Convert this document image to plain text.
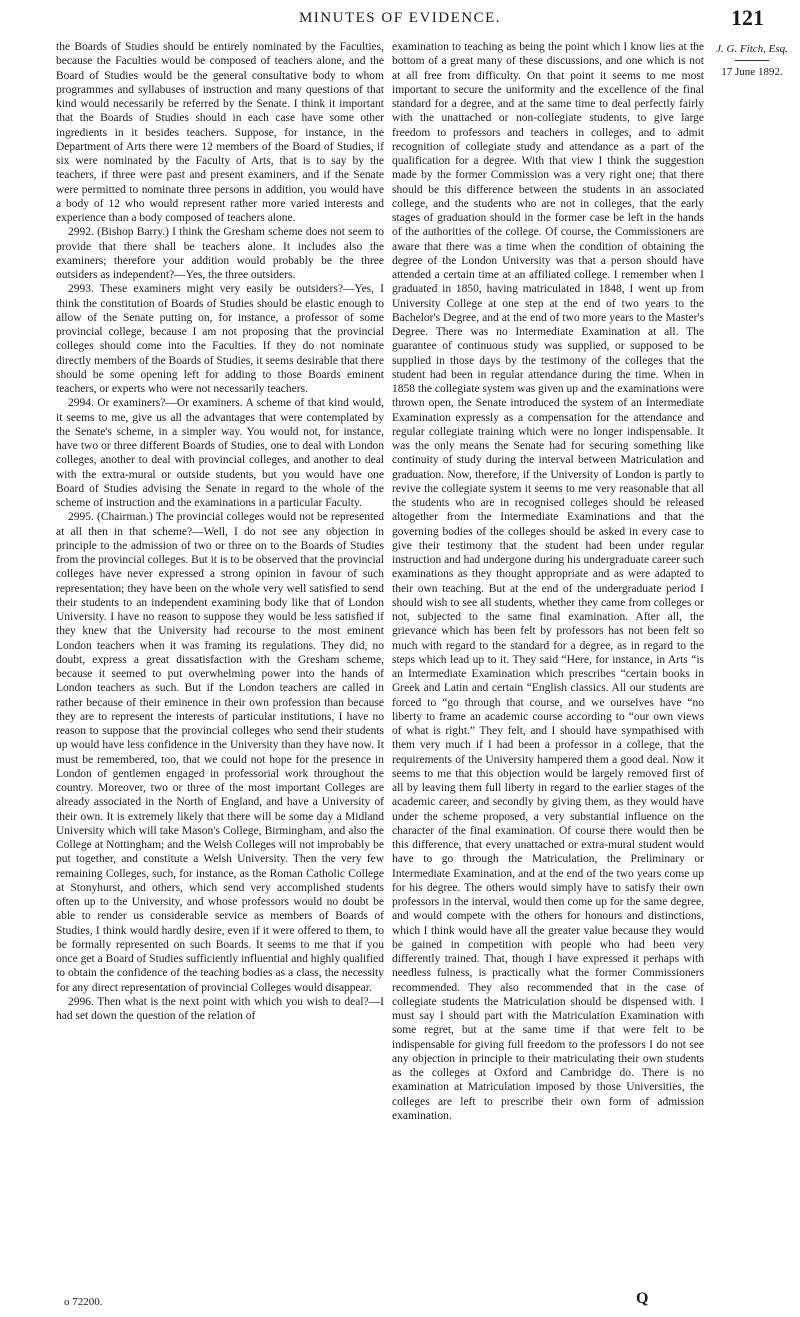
MINUTES OF EVIDENCE.	121

the Boards of Studies should be entirely nominated by the Faculties, because the Faculties would be composed of teachers alone, and the Board of Studies would be the general consultative body to whom programmes and syllabuses of instruction and many questions of that kind would necessarily be referred by the Senate. I think it important that the Boards of Studies should in each case have some other ingredients in it besides teachers. Suppose, for instance, in the Department of Arts there were 12 members of the Board of Studies, if six were nominated by the Faculty of Arts, that is to say by the teachers, if three were past and present examiners, and if the Senate were permitted to nominate three persons in addition, you would have a body of 12 who would represent rather more varied interests and experience than a body composed of teachers alone.

2992. (Bishop Barry.) I think the Gresham scheme does not seem to provide that there shall be teachers alone. It includes also the examiners; therefore your addition would probably be the three outsiders as independent?—Yes, the three outsiders.

2993. These examiners might very easily be outsiders?—Yes, I think the constitution of Boards of Studies should be elastic enough to allow of the Senate putting on, for instance, a professor of some provincial college, because I am not proposing that the provincial colleges should come into the Faculties. If they do not nominate directly members of the Boards of Studies, it seems desirable that there should be some opening left for adding to those Boards eminent teachers, or experts who were not necessarily teachers.

2994. Or examiners?—Or examiners. A scheme of that kind would, it seems to me, give us all the advantages that were contemplated by the Senate's scheme, in a simpler way. You would not, for instance, have two or three different Boards of Studies, one to deal with London colleges, another to deal with provincial colleges, and another to deal with the extra-mural or outside students, but you would have one Board of Studies advising the Senate in regard to the whole of the scheme of instruction and the examinations in a particular Faculty.

2995. (Chairman.) The provincial colleges would not be represented at all then in that scheme?—Well, I do not see any objection in principle to the admission of two or three on to the Boards of Studies from the provincial colleges. But it is to be observed that the provincial colleges have never expressed a strong opinion in favour of such representation; they have been on the whole very well satisfied to send their students to an independent examining body like that of London University. I have no reason to suppose they would be less satisfied if they knew that the University had recourse to the most eminent London teachers when it was framing its regulations. They did, no doubt, express a great dissatisfaction with the Gresham scheme, because it seemed to put overwhelming power into the hands of London teachers as such. But if the London teachers are called in rather because of their eminence in their own profession than because they are to represent the interests of particular institutions, I have no reason to suppose that the provincial colleges who send their students up would have less confidence in the University than they have now. It must be remembered, too, that we could not hope for the presence in London of gentlemen engaged in professorial work throughout the country. Moreover, two or three of the most important Colleges are already associated in the North of England, and have a University of their own. It is extremely likely that there will be some day a Midland University which will take Mason's College, Birmingham, and also the College at Nottingham; and the Welsh Colleges will not improbably be put together, and constitute a Welsh University. Then the very few remaining Colleges, such, for instance, as the Roman Catholic College at Stonyhurst, and others, which send very accomplished students often up to the University, and whose professors would no doubt be able to render us considerable service as members of Boards of Studies, I think would hardly desire, even if it were offered to them, to be formally represented on such Boards. It seems to me that if you once get a Board of Studies sufficiently influential and highly qualified to obtain the confidence of the teaching bodies as a class, the necessity for any direct representation of provincial Colleges would disappear.

2996. Then what is the next point with which you wish to deal?—I had set down the question of the relation of

examination to teaching as being the point which I know lies at the bottom of a great many of these discussions, and one which is not at all free from difficulty. On that point it seems to me most important to secure the uniformity and the excellence of the final standard for a degree, and at the same time to deal perfectly fairly with the unattached or non-collegiate students, to give large freedom to professors and teachers in colleges, and to admit recognition of collegiate study and attendance as a part of the qualification for a degree. With that view I think the suggestion made by the former Commission was a very right one; that there should be this difference between the students in an associated college, and the students who are not in colleges, that the early stages of graduation should in the former case be left in the hands of the authorities of the college. Of course, the Commissioners are aware that there was a time when the condition of obtaining the degree of the London University was that a person should have attended a certain time at an affiliated college. I remember when I graduated in 1850, having matriculated in 1848, I went up from University College at one step at the end of two years to the Bachelor's Degree, and at the end of two more years to the Master's Degree. There was no Intermediate Examination at all. The guarantee of continuous study was supplied, or supposed to be supplied in those days by the testimony of the colleges that the student had been in regular attendance during the time. When in 1858 the collegiate system was given up and the examinations were thrown open, the Senate introduced the system of an Intermediate Examination expressly as a compensation for the attendance and regular collegiate training which were no longer indispensable. It was the only means the Senate had for securing something like continuity of study during the interval between Matriculation and graduation. Now, therefore, if the University of London is partly to revive the collegiate system it seems to me very reasonable that all the students who are in recognised colleges should be released altogether from the Intermediate Examinations and that the governing bodies of the colleges should be asked in every case to give their testimony that the student had been under regular instruction and had undergone during his undergraduate career such examinations as they thought appropriate and as were adapted to their own teaching. But at the end of the undergraduate period I should wish to see all students, whether they came from colleges or not, subjected to the same final examination. After all, the grievance which has been felt by professors has not been felt so much with regard to the standard for a degree, as in regard to the steps which lead up to it. They said “Here, for instance, in Arts “is an Intermediate Examination which prescribes “certain books in Greek and Latin and certain “English classics. All our students are forced to “go through that course, and we ourselves have “no liberty to frame an academic course according to “our own views of what is right.” They felt, and I should have sympathised with them very much if I had been a professor in a college, that the requirements of the University hampered them a good deal. Now it seems to me that this objection would be largely removed first of all by leaving them full liberty in regard to the earlier stages of the academic career, and secondly by giving them, as they would have under the scheme proposed, a very substantial influence on the character of the final examination. Of course there would then be this difference, that every unattached or extra-mural student would have to go through the Matriculation, the Preliminary or Intermediate Examination, and at the end of the two years come up for his degree. The others would simply have to satisfy their own professors in the interval, would then come up for the same degree, and would compete with the others for honours and distinctions, which I think would have all the greater value because they would be gained in competition with people who had been very differently trained. That, though I have expressed it perhaps with needless fulness, is practically what the former Commissioners recommended. They also recommended that in the case of collegiate students the Matriculation should be dispensed with. I must say I should part with the Matriculation Examination with some regret, but at the same time if that were felt to be indispensable for giving full freedom to the professors I do not see any objection in principle to their matriculating their own students as the colleges at Oxford and Cambridge do. There is no examination at Matriculation imposed by those Universities, the colleges are left to prescribe their own form of admission examination.

J. G. Fitch, Esq.
17 June 1892.
o 72200.	Q
